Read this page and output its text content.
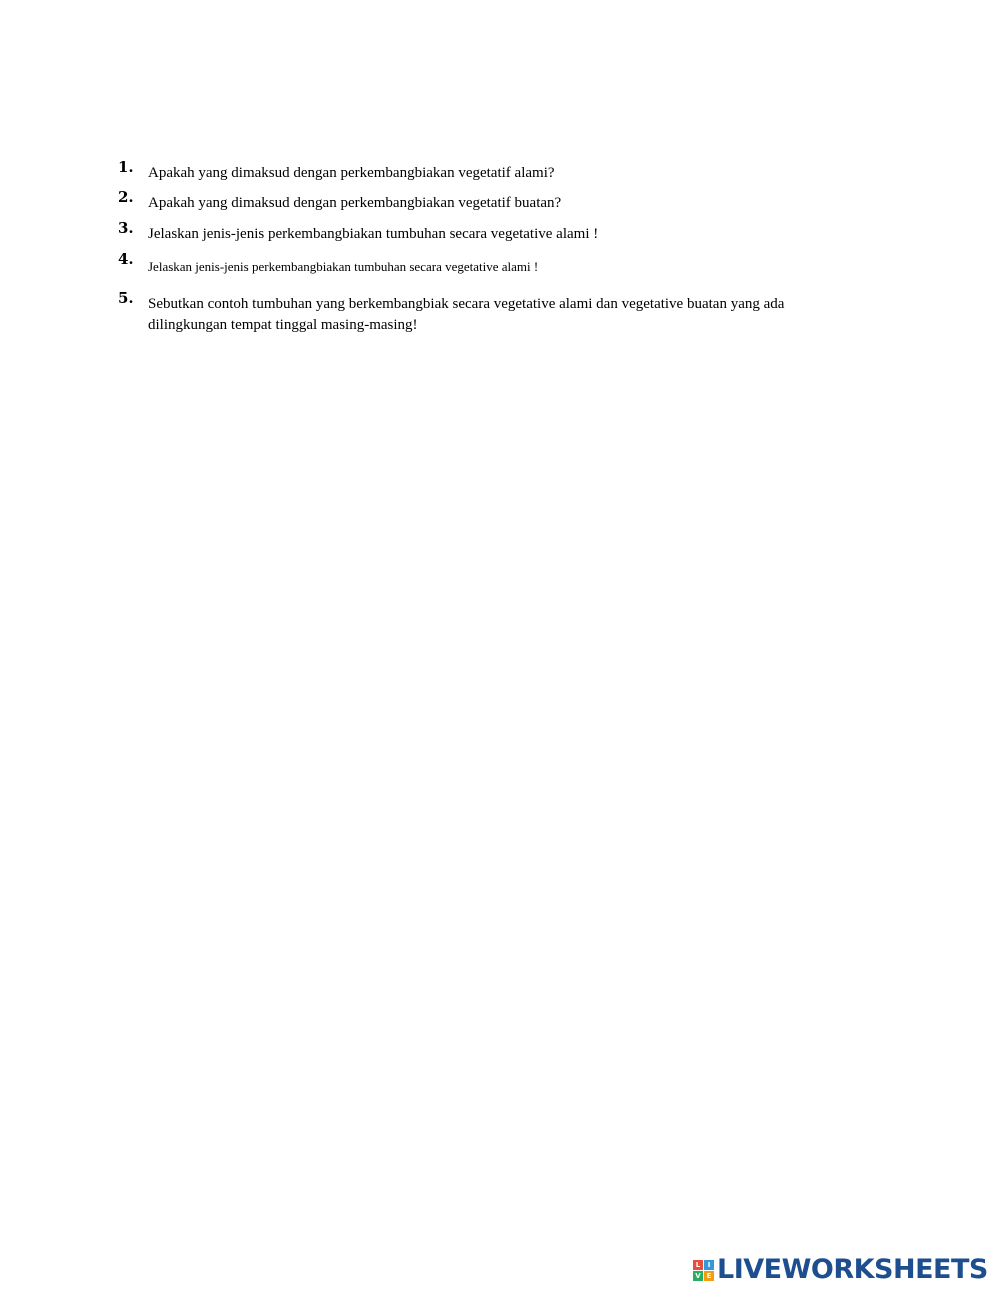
1. Apakah yang dimaksud dengan perkembangbiakan vegetatif alami?
2. Apakah yang dimaksud dengan perkembangbiakan vegetatif buatan?
3. Jelaskan jenis-jenis perkembangbiakan tumbuhan secara vegetative alami !
4. Jelaskan jenis-jenis perkembangbiakan tumbuhan secara vegetative alami !
5. Sebutkan contoh tumbuhan yang berkembangbiak secara vegetative alami dan vegetative buatan yang ada dilingkungan tempat tinggal masing-masing!
L	I
V E LIVEWORKSHEETS
